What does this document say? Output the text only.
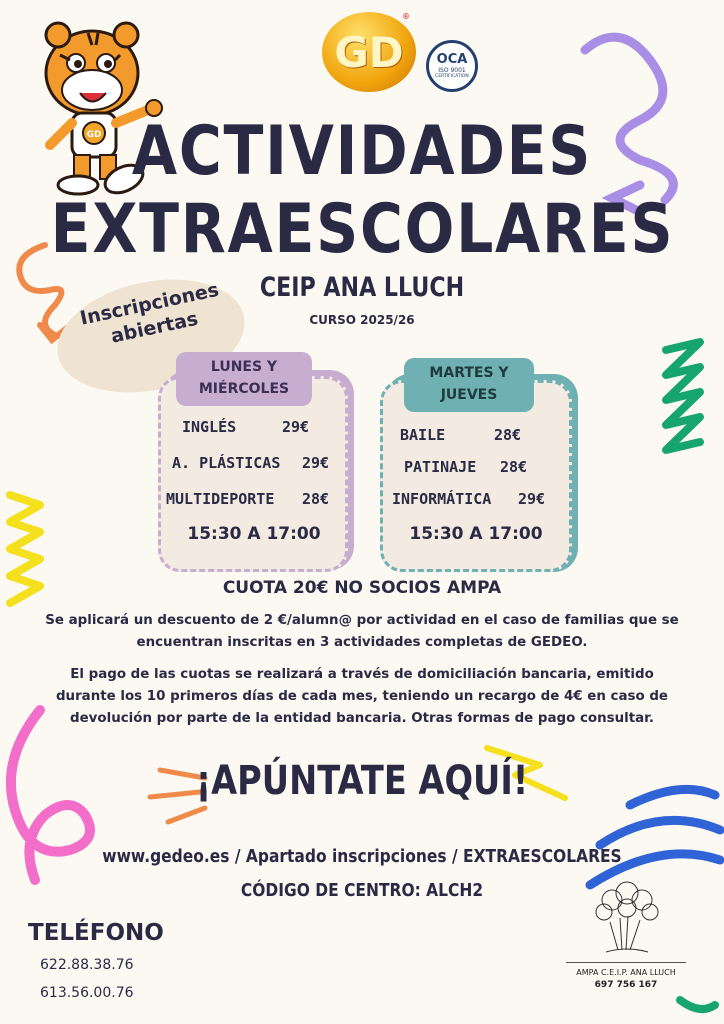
GD
GD
®
OCA
ISO 9001
CERTIFICATION
ACTIVIDADES
EXTRAESCOLARES
CEIP ANA LLUCH
CURSO 2025/26
Inscripciones abiertas
LUNES Y MIÉRCOLES
INGLÉS	29€
A. PLÁSTICAS 29€
MULTIDEPORTE 28€
15:30 A 17:00
MARTES Y JUEVES
BAILE	28€
PATINAJE 28€
INFORMÁTICA 29€
15:30 A 17:00
CUOTA 20€ NO SOCIOS AMPA
Se aplicará un descuento de 2 €/alumn@ por actividad en el caso de familias que se encuentran inscritas en 3 actividades completas de GEDEO.
El pago de las cuotas se realizará a través de domiciliación bancaria, emitido durante los 10 primeros días de cada mes, teniendo un recargo de 4€ en caso de devolución por parte de la entidad bancaria. Otras formas de pago consultar.
¡APÚNTATE AQUÍ!
www.gedeo.es / Apartado inscripciones / EXTRAESCOLARES
CÓDIGO DE CENTRO: ALCH2
TELÉFONO
622.88.38.76
613.56.00.76
AMPA C.E.I.P. ANA LLUCH
697 756 167
